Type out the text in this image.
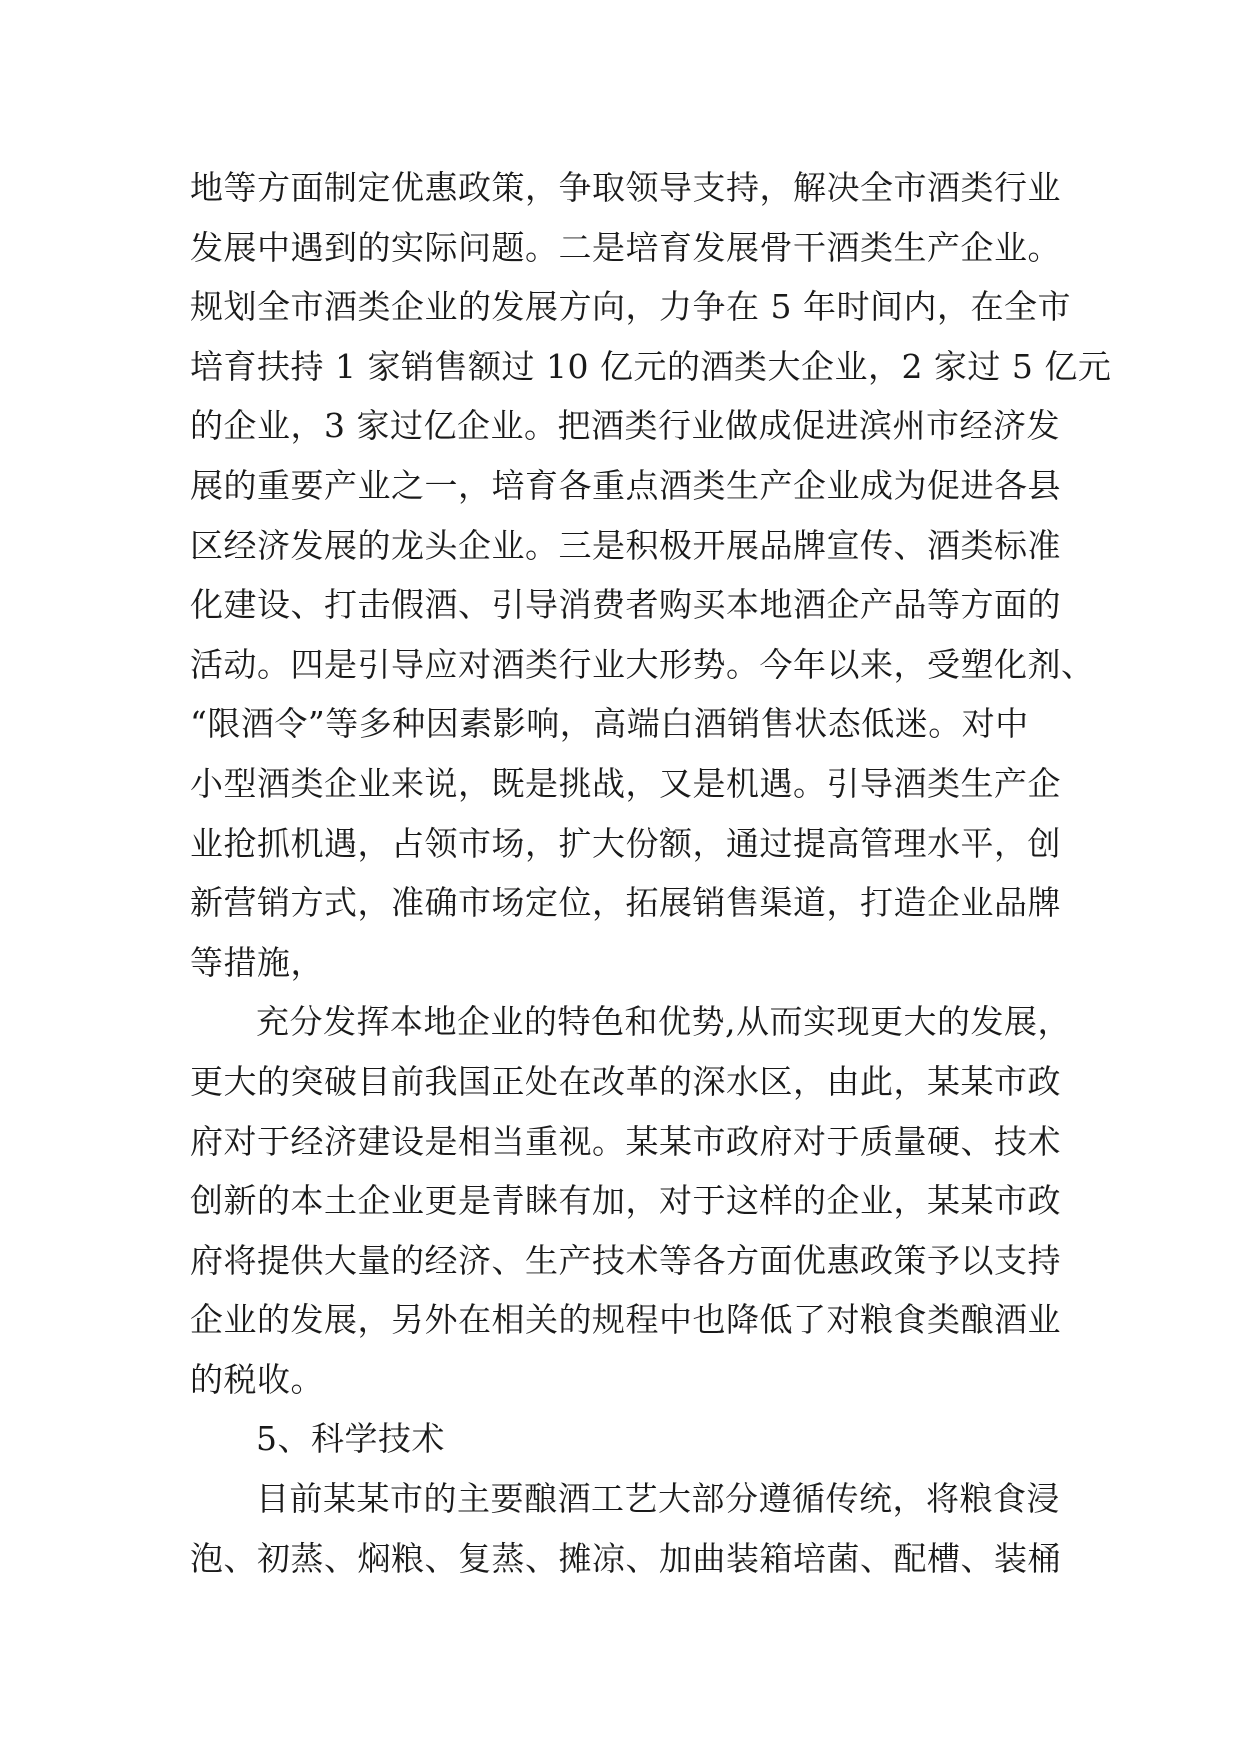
地等方面制定优惠政策，争取领导支持，解决全市酒类行业
发展中遇到的实际问题。二是培育发展骨干酒类生产企业。
规划全市酒类企业的发展方向，力争在 5 年时间内，在全市
培育扶持 1 家销售额过 10 亿元的酒类大企业，2 家过 5 亿元
的企业，3 家过亿企业。把酒类行业做成促进滨州市经济发
展的重要产业之一，培育各重点酒类生产企业成为促进各县
区经济发展的龙头企业。三是积极开展品牌宣传、酒类标准
化建设、打击假酒、引导消费者购买本地酒企产品等方面的
活动。四是引导应对酒类行业大形势。今年以来，受塑化剂、
“限酒令”等多种因素影响，高端白酒销售状态低迷。对中
小型酒类企业来说，既是挑战，又是机遇。引导酒类生产企
业抢抓机遇，占领市场，扩大份额，通过提高管理水平，创
新营销方式，准确市场定位，拓展销售渠道，打造企业品牌
等措施，
充分发挥本地企业的特色和优势,从而实现更大的发展，
更大的突破目前我国正处在改革的深水区，由此，某某市政
府对于经济建设是相当重视。某某市政府对于质量硬、技术
创新的本土企业更是青睐有加，对于这样的企业，某某市政
府将提供大量的经济、生产技术等各方面优惠政策予以支持
企业的发展，另外在相关的规程中也降低了对粮食类酿酒业
的税收。
5、科学技术
目前某某市的主要酿酒工艺大部分遵循传统，将粮食浸
泡、初蒸、焖粮、复蒸、摊凉、加曲装箱培菌、配槽、装桶
